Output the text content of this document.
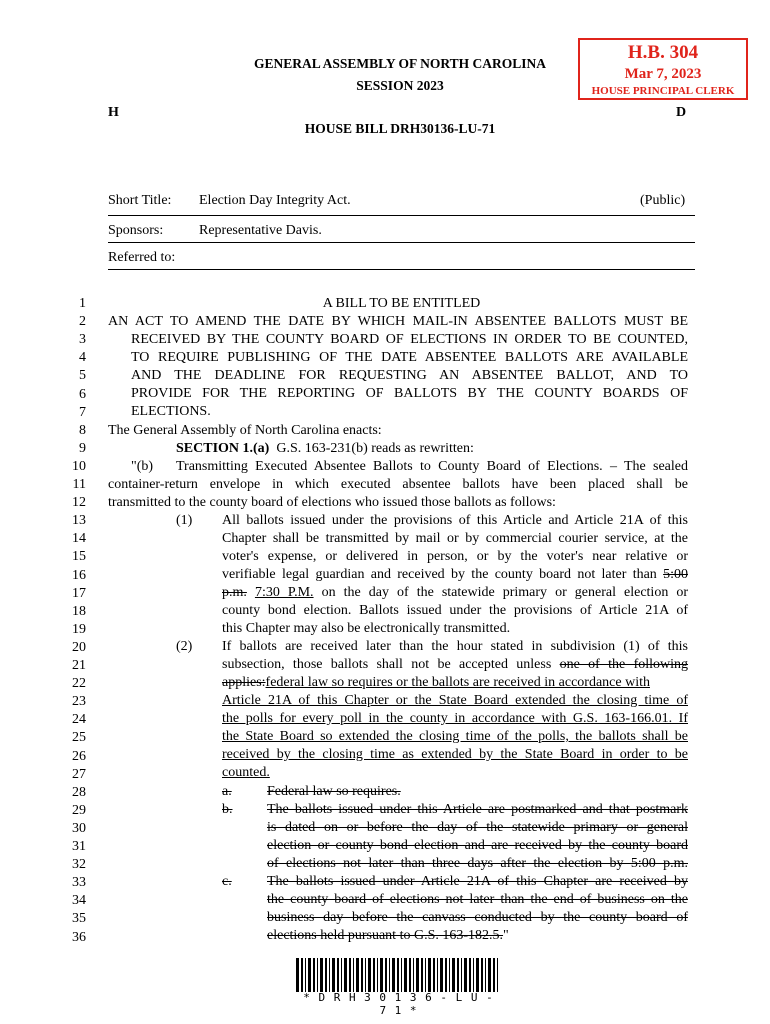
GENERAL ASSEMBLY OF NORTH CAROLINA
SESSION 2023
H	D
HOUSE BILL DRH30136-LU-71
H.B. 304
Mar 7, 2023
HOUSE PRINCIPAL CLERK
Short Title: Election Day Integrity Act.	(Public)
Sponsors:	Representative Davis.
Referred to:
1
2
3
4
5
6
7
8
9
10
11
12
13
14
15
16
17
18
19
20
21
22
23
24
25
26
27
28
29
30
31
32
33
34
35
36
A BILL TO BE ENTITLED
AN ACT TO AMEND THE DATE BY WHICH MAIL-IN ABSENTEE BALLOTS MUST BE
RECEIVED BY THE COUNTY BOARD OF ELECTIONS IN ORDER TO BE COUNTED,
TO REQUIRE PUBLISHING OF THE DATE ABSENTEE BALLOTS ARE AVAILABLE
AND THE DEADLINE FOR REQUESTING AN ABSENTEE BALLOT, AND TO
PROVIDE FOR THE REPORTING OF BALLOTS BY THE COUNTY BOARDS OF
ELECTIONS.
The General Assembly of North Carolina enacts:
SECTION 1.(a) G.S. 163-231(b) reads as rewritten:
"(b) Transmitting Executed Absentee Ballots to County Board of Elections. – The sealed
container-return envelope in which executed absentee ballots have been placed shall be
transmitted to the county board of elections who issued those ballots as follows:
(1) All ballots issued under the provisions of this Article and Article 21A of this
Chapter shall be transmitted by mail or by commercial courier service, at the
voter's expense, or delivered in person, or by the voter's near relative or
verifiable legal guardian and received by the county board not later than 5:00
p.m. 7:30 P.M. on the day of the statewide primary or general election or
county bond election. Ballots issued under the provisions of Article 21A of
this Chapter may also be electronically transmitted.
(2) If ballots are received later than the hour stated in subdivision (1) of this
subsection, those ballots shall not be accepted unless one of the following
applies:federal law so requires or the ballots are received in accordance with
Article 21A of this Chapter or the State Board extended the closing time of
the polls for every poll in the county in accordance with G.S. 163-166.01. If
the State Board so extended the closing time of the polls, the ballots shall be
received by the closing time as extended by the State Board in order to be
counted.
a.	Federal law so requires.
b. The ballots issued under this Article are postmarked and that postmark
is dated on or before the day of the statewide primary or general
election or county bond election and are received by the county board
of elections not later than three days after the election by 5:00 p.m.
c.	The ballots issued under Article 21A of this Chapter are received by
the county board of elections not later than the end of business on the
business day before the canvass conducted by the county board of
elections held pursuant to G.S. 163-182.5."
* D R H 3 0 1 3 6 - L U - 7 1 *
